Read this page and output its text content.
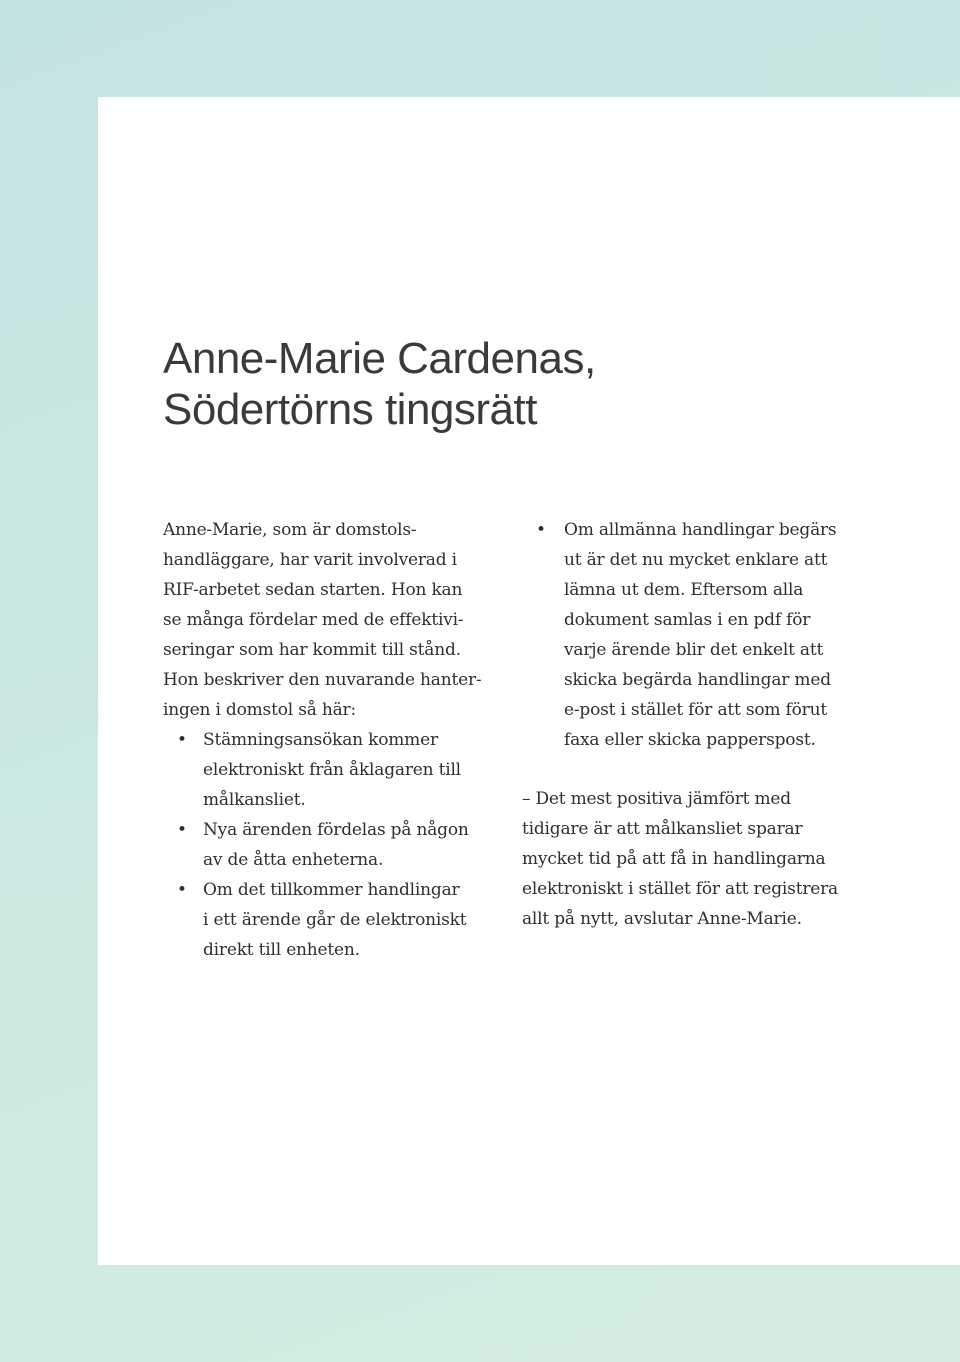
Anne-Marie Cardenas,
Södertörns tingsrätt
Anne-Marie, som är domstols-
handläggare, har varit involverad i
RIF-arbetet sedan starten. Hon kan
se många fördelar med de effektivi-
seringar som har kommit till stånd.
Hon beskriver den nuvarande hanter-
ingen i domstol så här:
• Stämningsansökan kommer
elektroniskt från åklagaren till
målkansliet.
• Nya ärenden fördelas på någon
av de åtta enheterna.
• Om det tillkommer handlingar
i ett ärende går de elektroniskt
direkt till enheten.
• Om allmänna handlingar begärs
ut är det nu mycket enklare att
lämna ut dem. Eftersom alla
dokument samlas i en pdf för
varje ärende blir det enkelt att
skicka begärda handlingar med
e-post i stället för att som förut
faxa eller skicka papperspost.
– Det mest positiva jämfört med
tidigare är att målkansliet sparar
mycket tid på att få in handlingarna
elektroniskt i stället för att registrera
allt på nytt, avslutar Anne-Marie.
